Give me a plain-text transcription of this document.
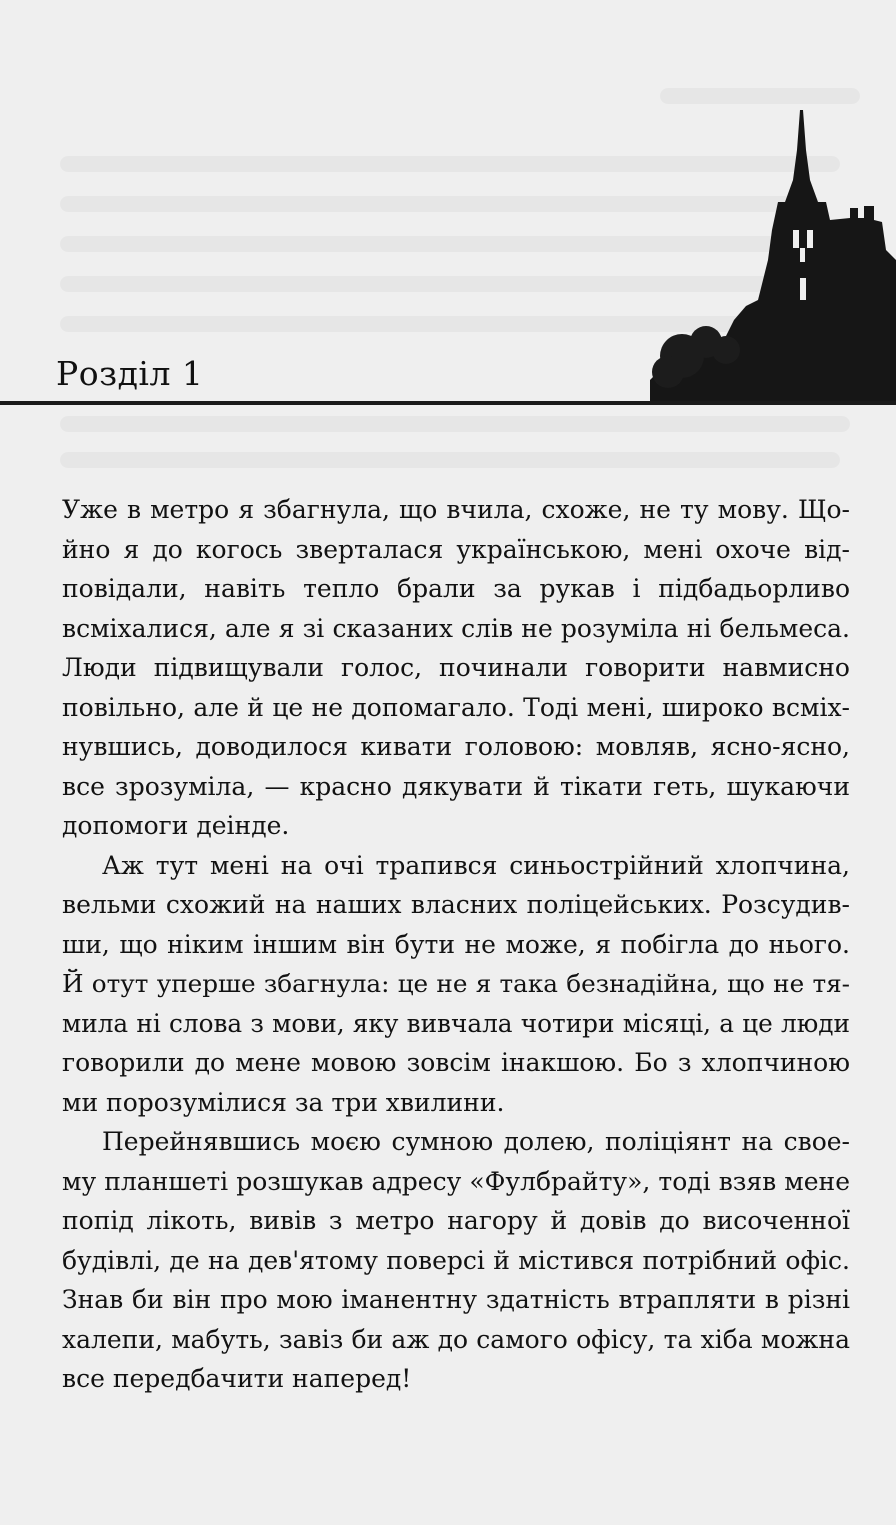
Розділ 1
Уже в метро я збагнула, що вчила, схоже, не ту мову. Що-
йно я до когось зверталася українською, мені охоче від-
повідали, навіть тепло брали за рукав і підбадьорливо
всміхалися, але я зі сказаних слів не розуміла ні бельмеса.
Люди підвищували голос, починали говорити навмисно
повільно, але й це не допомагало. Тоді мені, широко всміх-
нувшись, доводилося кивати головою: мовляв, ясно-ясно,
все зрозуміла, — красно дякувати й тікати геть, шукаючи
допомоги деінде.
Аж тут мені на очі трапився синьострійний хлопчина,
вельми схожий на наших власних поліцейських. Розсудив-
ши, що ніким іншим він бути не може, я побігла до нього.
Й отут уперше збагнула: це не я така безнадійна, що не тя-
мила ні слова з мови, яку вивчала чотири місяці, а це люди
говорили до мене мовою зовсім інакшою. Бо з хлопчиною
ми порозумілися за три хвилини.
Перейнявшись моєю сумною долею, поліціянт на свое-
му планшеті розшукав адресу «Фулбрайту», тоді взяв мене
попід лікоть, вивів з метро нагору й довів до височенної
будівлі, де на дев'ятому поверсі й містився потрібний офіс.
Знав би він про мою іманентну здатність втрапляти в різні
халепи, мабуть, завіз би аж до самого офісу, та хіба можна
все передбачити наперед!
